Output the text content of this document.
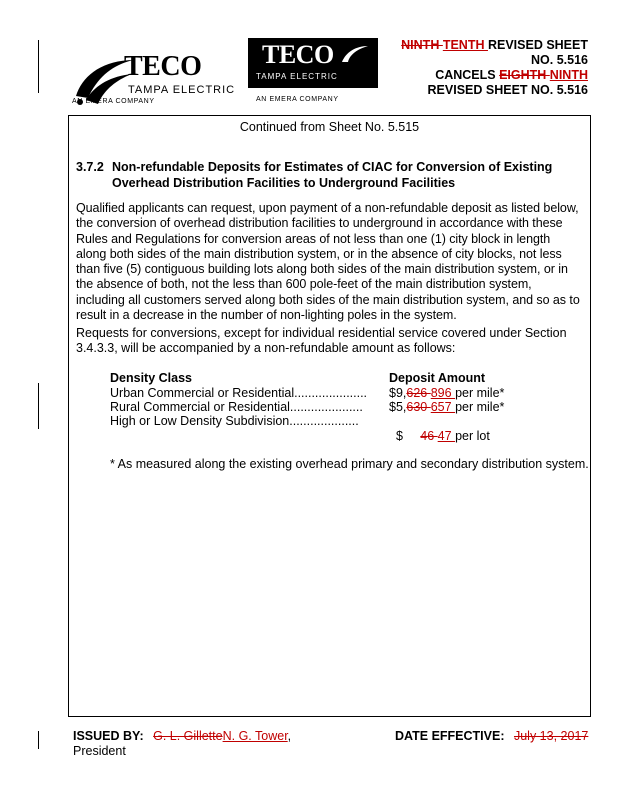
TECO
TAMPA ELECTRIC
AN EMERA COMPANY
TECO
TAMPA ELECTRIC
AN EMERA COMPANY
NINTH TENTH REVISED SHEET
NO. 5.516
CANCELS EIGHTH NINTH
REVISED SHEET NO. 5.516
Continued from Sheet No. 5.515
3.7.2 Non-refundable Deposits for Estimates of CIAC for Conversion of Existing
Overhead Distribution Facilities to Underground Facilities
Qualified applicants can request, upon payment of a non-refundable deposit as listed below, the conversion of overhead distribution facilities to underground in accordance with these Rules and Regulations for conversion areas of not less than one (1) city block in length along both sides of the main distribution system, or in the absence of city blocks, not less than five (5) contiguous building lots along both sides of the main distribution system, or in the absence of both, not the less than 600 pole-feet of the main distribution system, including all customers served along both sides of the main distribution system, and so as to result in a decrease in the number of non-lighting poles in the system.
Requests for conversions, except for individual residential service covered under Section 3.4.3.3, will be accompanied by a non-refundable amount as follows:
Density Class	Deposit Amount
Urban Commercial or Residential..................... $9,626 896 per mile*
Rural Commercial or Residential..................... $5,630 657 per mile*
High or Low Density Subdivision....................

$     46 47 per lot

* As measured along the existing overhead primary and secondary distribution system.
ISSUED BY: G. L. GilletteN. G. Tower,
President
DATE EFFECTIVE: July 13, 2017
